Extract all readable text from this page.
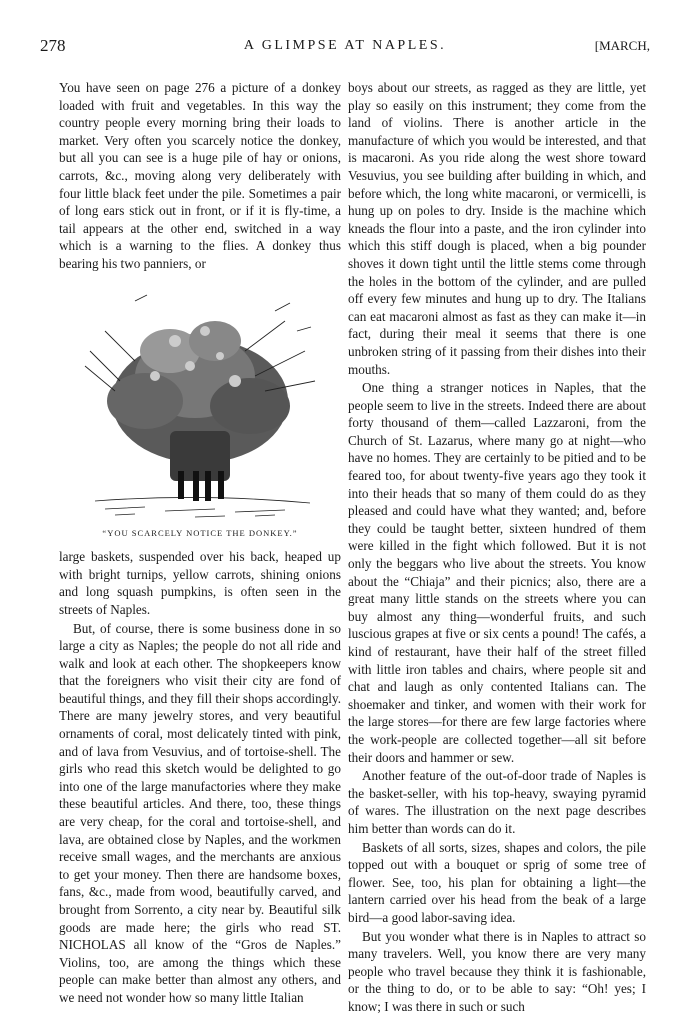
278	A GLIMPSE AT NAPLES.	[MARCH,

You have seen on page 276 a picture of a donkey loaded with fruit and vegetables. In this way the country people every morning bring their loads to market. Very often you scarcely notice the donkey, but all you can see is a huge pile of hay or onions, carrots, &c., moving along very deliberately with four little black feet under the pile. Sometimes a pair of long ears stick out in front, or if it is fly-time, a tail appears at the other end, switched in a way which is a warning to the flies. A donkey thus bearing his two panniers, or

“YOU SCARCELY NOTICE THE DONKEY.”

large baskets, suspended over his back, heaped up with bright turnips, yellow carrots, shining onions and long squash pumpkins, is often seen in the streets of Naples.

But, of course, there is some business done in so large a city as Naples; the people do not all ride and walk and look at each other. The shopkeepers know that the foreigners who visit their city are fond of beautiful things, and they fill their shops accordingly. There are many jewelry stores, and very beautiful ornaments of coral, most delicately tinted with pink, and of lava from Vesuvius, and of tortoise-shell. The girls who read this sketch would be delighted to go into one of the large manufactories where they make these beautiful articles. And there, too, these things are very cheap, for the coral and tortoise-shell, and lava, are obtained close by Naples, and the workmen receive small wages, and the merchants are anxious to get your money. Then there are handsome boxes, fans, &c., made from wood, beautifully carved, and brought from Sorrento, a city near by. Beautiful silk goods are made here; the girls who read ST. NICHOLAS all know of the “Gros de Naples.” Violins, too, are among the things which these people can make better than almost any others, and we need not wonder how so many little Italian

boys about our streets, as ragged as they are little, yet play so easily on this instrument; they come from the land of violins. There is another article in the manufacture of which you would be interested, and that is macaroni. As you ride along the west shore toward Vesuvius, you see building after building in which, and before which, the long white macaroni, or vermicelli, is hung up on poles to dry. Inside is the machine which kneads the flour into a paste, and the iron cylinder into which this stiff dough is placed, when a big pounder shoves it down tight until the little stems come through the holes in the bottom of the cylinder, and are pulled off every few minutes and hung up to dry. The Italians can eat macaroni almost as fast as they can make it—in fact, during their meal it seems that there is one unbroken string of it passing from their dishes into their mouths.

One thing a stranger notices in Naples, that the people seem to live in the streets. Indeed there are about forty thousand of them—called Lazzaroni, from the Church of St. Lazarus, where many go at night—who have no homes. They are certainly to be pitied and to be feared too, for about twenty-five years ago they took it into their heads that so many of them could do as they pleased and could have what they wanted; and, before they could be taught better, sixteen hundred of them were killed in the fight which followed. But it is not only the beggars who live about the streets. You know about the “Chiaja” and their picnics; also, there are a great many little stands on the streets where you can buy almost any thing—wonderful fruits, and such luscious grapes at five or six cents a pound! The cafés, a kind of restaurant, have their half of the street filled with little iron tables and chairs, where people sit and chat and laugh as only contented Italians can. The shoemaker and tinker, and women with their work for the large stores—for there are few large factories where the work-people are collected together—all sit before their doors and hammer or sew.

Another feature of the out-of-door trade of Naples is the basket-seller, with his top-heavy, swaying pyramid of wares. The illustration on the next page describes him better than words can do it.

Baskets of all sorts, sizes, shapes and colors, the pile topped out with a bouquet or sprig of some tree of flower. See, too, his plan for obtaining a light—the lantern carried over his head from the beak of a large bird—a good labor-saving idea.

But you wonder what there is in Naples to attract so many travelers. Well, you know there are very many people who travel because they think it is fashionable, or the thing to do, or to be able to say: “Oh! yes; I know; I was there in such or such
